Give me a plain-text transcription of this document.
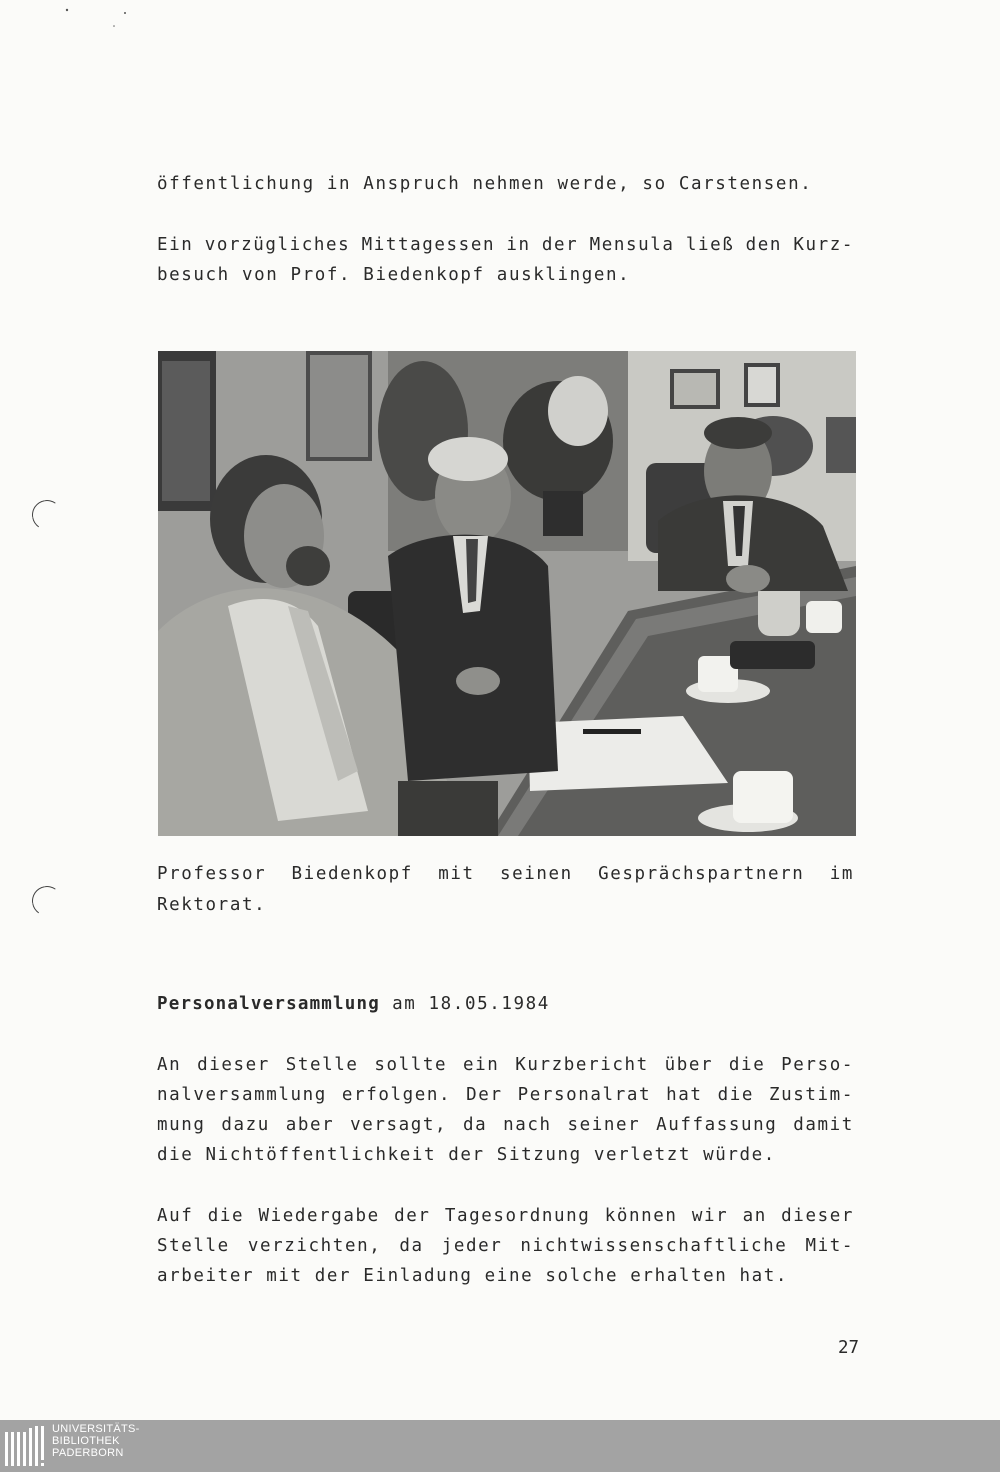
öffentlichung in Anspruch nehmen werde, so Carstensen.
Ein vorzügliches Mittagessen in der Mensula ließ den Kurz-
besuch von Prof. Biedenkopf ausklingen.
Professor Biedenkopf mit seinen Gesprächspartnern im
Rektorat.
Personalversammlung am 18.05.1984
An dieser Stelle sollte ein Kurzbericht über die Perso-
nalversammlung erfolgen. Der Personalrat hat die Zustim-
mung dazu aber versagt, da nach seiner Auffassung damit
die Nichtöffentlichkeit der Sitzung verletzt würde.
Auf die Wiedergabe der Tagesordnung können wir an dieser
Stelle verzichten, da jeder nichtwissenschaftliche Mit-
arbeiter mit der Einladung eine solche erhalten hat.
27
UNIVERSITÄTS-
BIBLIOTHEK
PADERBORN
